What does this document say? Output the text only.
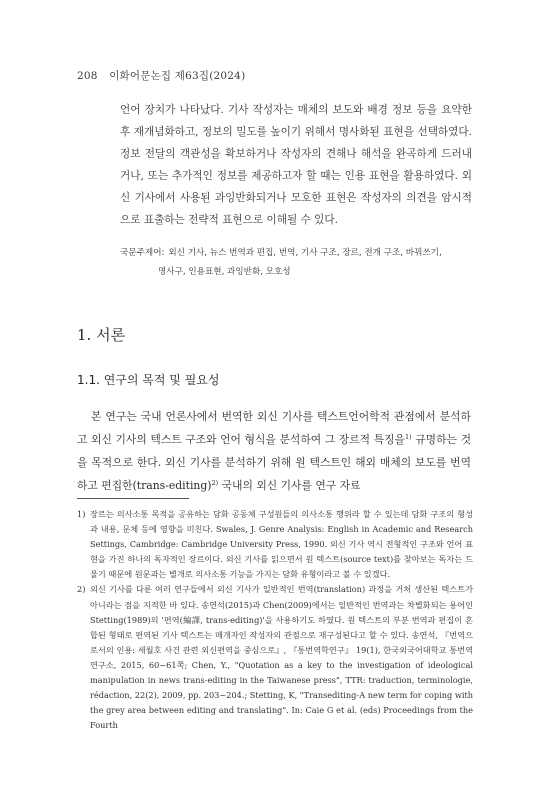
208 이화어문논집 제63집(2024)
언어 장치가 나타났다. 기사 작성자는 매체의 보도와 배경 정보 등을 요약한 후 재개념화하고, 정보의 밀도를 높이기 위해서 명사화된 표현을 선택하였다. 정보 전달의 객관성을 확보하거나 작성자의 견해나 해석을 완곡하게 드러내거나, 또는 추가적인 정보를 제공하고자 할 때는 인용 표현을 활용하였다. 외신 기사에서 사용된 과잉반화되거나 모호한 표현은 작성자의 의견을 암시적으로 표출하는 전략적 표현으로 이해될 수 있다.
국문주제어: 외신 기사, 뉴스 번역과 편집, 번역, 기사 구조, 장르, 전개 구조, 바꿔쓰기,
명사구, 인용표현, 과잉반화, 모호성
1. 서론
1.1. 연구의 목적 및 필요성

본 연구는 국내 언론사에서 번역한 외신 기사를 텍스트언어학적 관점에서 분석하고 외신 기사의 텍스트 구조와 언어 형식을 분석하여 그 장르적 특징을$^{1)}$ 규명하는 것을 목적으로 한다. 외신 기사를 분석하기 위해 원 텍스트인 해외 매체의 보도를 번역하고 편집한(trans-editing)$^{2)}$ 국내의 외신 기사를 연구 자료

1) 장르는 의사소통 목적을 공유하는 담화 공동체 구성원들의 의사소통 행위라 할 수 있는데 담화 구조의 형성과 내용, 문체 등에 영향을 미친다. Swales, J. Genre Analysis: English in Academic and Research Settings, Cambridge: Cambridge University Press, 1990. 외신 기사 역시 전형적인 구조와 언어 표현을 가진 하나의 독자적인 장르이다. 외신 기사를 읽으면서 원 텍스트(source text)를 찾아보는 독자는 드물기 때문에 원문과는 별개로 의사소통 기능을 가지는 담화 유형이라고 볼 수 있겠다.
2) 외신 기사를 다룬 여러 연구들에서 외신 기사가 일반적인 번역(translation) 과정을 거쳐 생산된 텍스트가 아니라는 점을 지적한 바 있다. 송연석(2015)과 Chen(2009)에서는 일반적인 번역과는 차별화되는 용어인 Stetting(1989)의 '편역(編譯, trans-editing)'을 사용하기도 하였다. 원 텍스트의 부분 번역과 편집이 혼합된 형태로 편역된 기사 텍스트는 매개자인 작성자의 관점으로 재구성된다고 할 수 있다. 송연석, 『번역으로서의 인용: 세월호 사건 관련 외신편역을 중심으로』, 『통번역학연구』 19(1), 한국외국어대학교 통번역연구소, 2015, 60~61쪽; Chen, Y., "Quotation as a key to the investigation of ideological manipulation in news trans-editing in the Taiwanese press", TTR: traduction, terminologie, rédaction, 22(2), 2009, pp. 203~204.; Stetting, K, "Transediting-A new term for coping with the grey area between editing and translating". In: Caie G et al. (eds) Proceedings from the Fourth
